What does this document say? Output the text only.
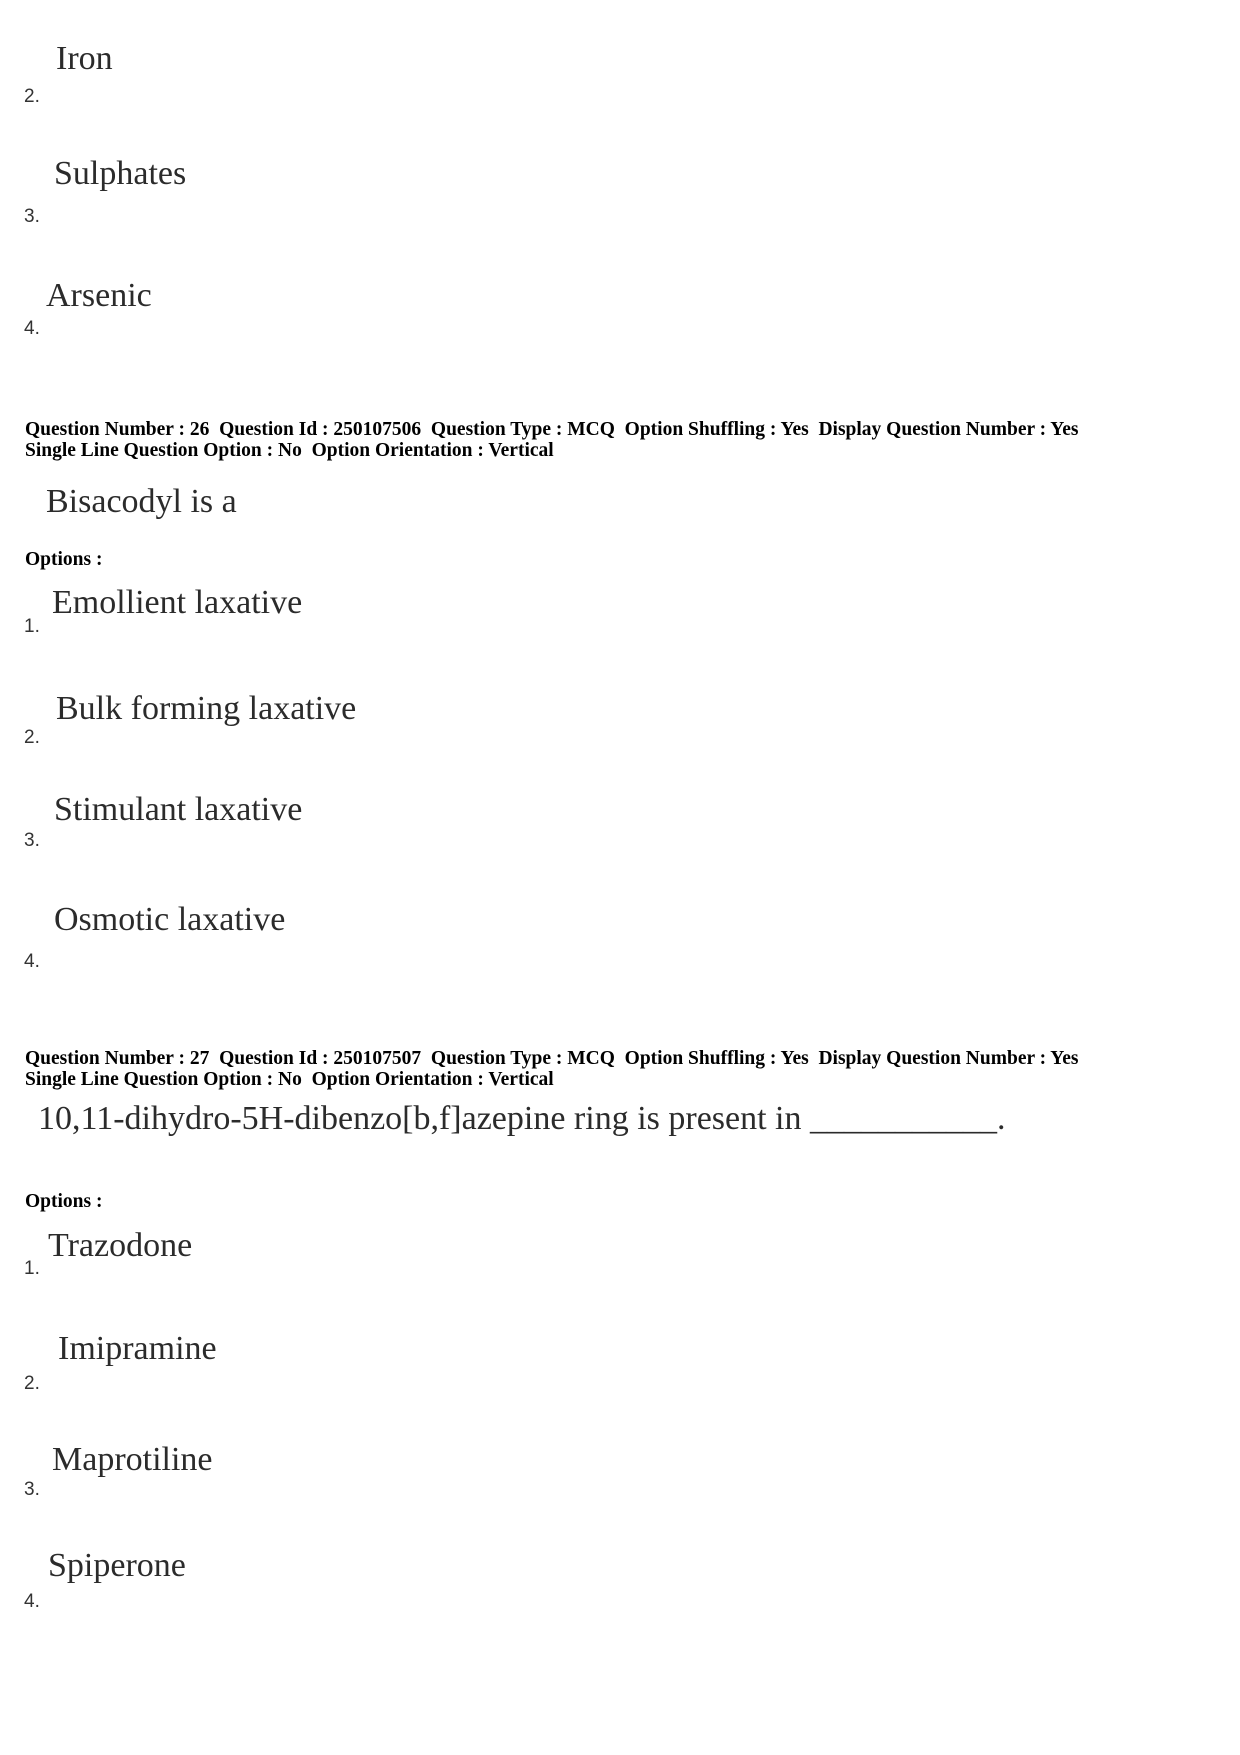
Iron
2.
Sulphates
3.
Arsenic
4.
Question Number : 26  Question Id : 250107506  Question Type : MCQ  Option Shuffling : Yes  Display Question Number : Yes
Single Line Question Option : No  Option Orientation : Vertical
Bisacodyl is a
Options :
Emollient laxative
1.
Bulk forming laxative
2.
Stimulant laxative
3.
Osmotic laxative
4.
Question Number : 27  Question Id : 250107507  Question Type : MCQ  Option Shuffling : Yes  Display Question Number : Yes
Single Line Question Option : No  Option Orientation : Vertical
10,11-dihydro-5H-dibenzo[b,f]azepine ring is present in ___________.
Options :
Trazodone
1.
Imipramine
2.
Maprotiline
3.
Spiperone
4.
